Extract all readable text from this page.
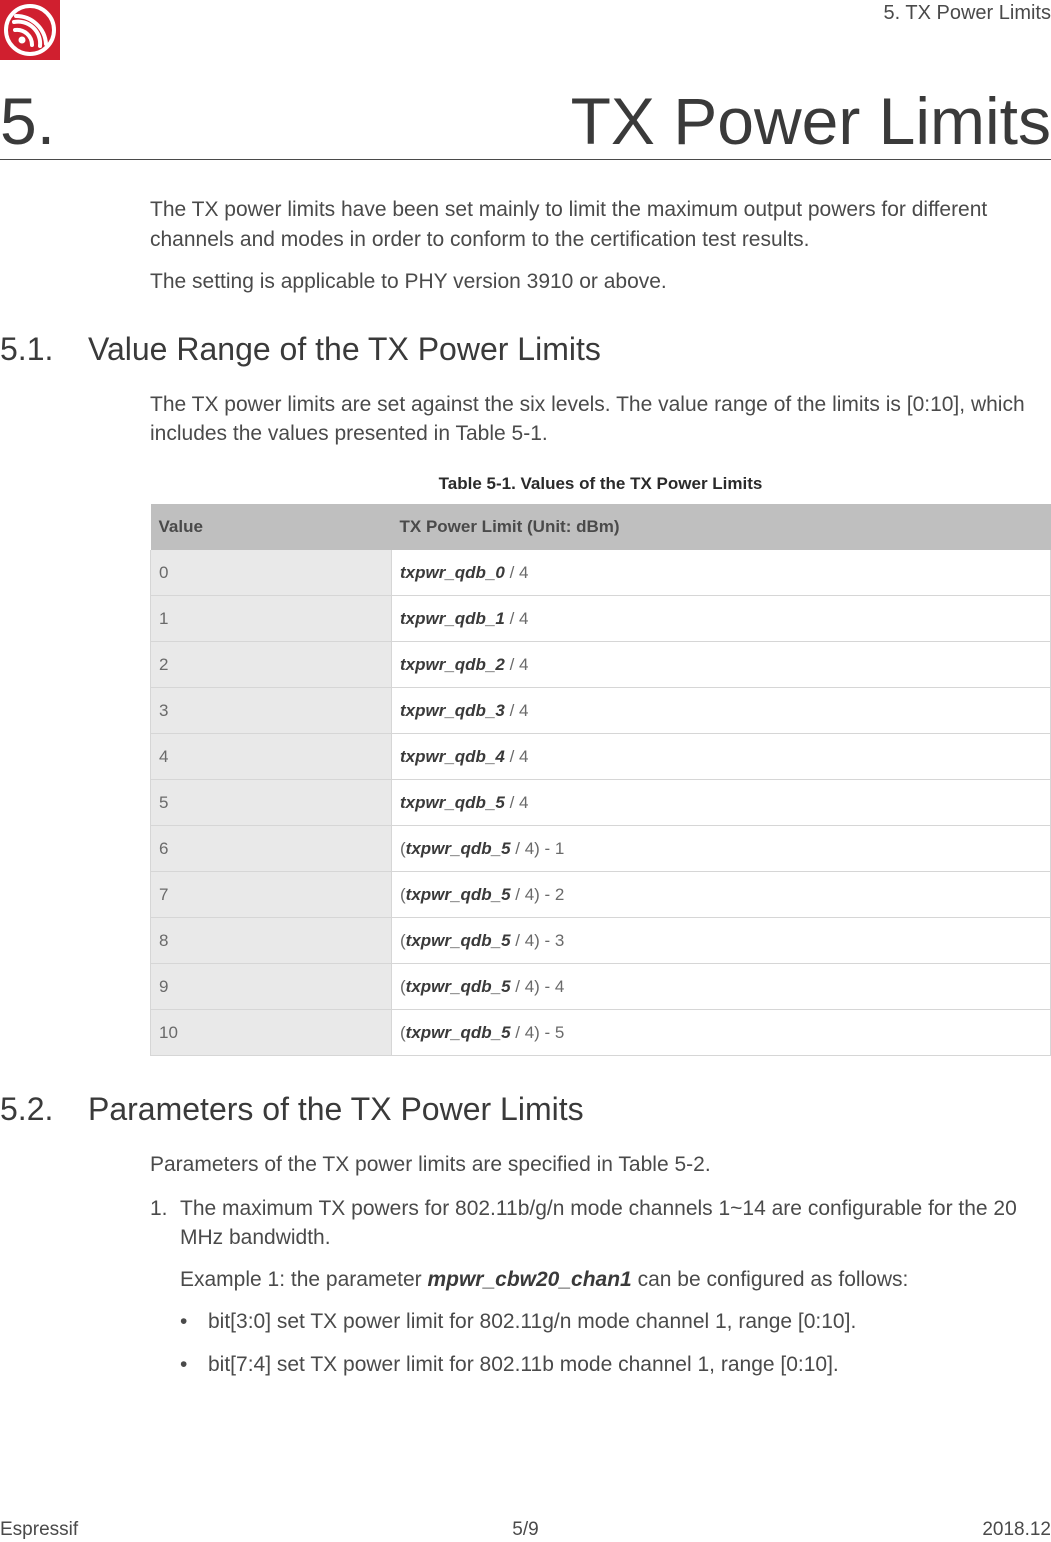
5. TX Power Limits
5.	TX Power Limits

The TX power limits have been set mainly to limit the maximum output powers for different channels and modes in order to conform to the certification test results.

The setting is applicable to PHY version 3910 or above.

5.1. Value Range of the TX Power Limits

The TX power limits are set against the six levels. The value range of the limits is [0:10], which includes the values presented in Table 5-1.

Table 5-1. Values of the TX Power Limits
Value	TX Power Limit (Unit: dBm)
0	txpwr_qdb_0 / 4
1	txpwr_qdb_1 / 4
2	txpwr_qdb_2 / 4
3	txpwr_qdb_3 / 4
4	txpwr_qdb_4 / 4
5	txpwr_qdb_5 / 4
6	(txpwr_qdb_5 / 4) - 1
7	(txpwr_qdb_5 / 4) - 2
8	(txpwr_qdb_5 / 4) - 3
9	(txpwr_qdb_5 / 4) - 4
10	(txpwr_qdb_5 / 4) - 5
5.2. Parameters of the TX Power Limits

Parameters of the TX power limits are specified in Table 5-2.

1. The maximum TX powers for 802.11b/g/n mode channels 1~14 are configurable for the 20 MHz bandwidth.

Example 1: the parameter mpwr_cbw20_chan1 can be configured as follows:

• bit[3:0] set TX power limit for 802.11g/n mode channel 1, range [0:10].
• bit[7:4] set TX power limit for 802.11b mode channel 1, range [0:10].
Espressif	5/9	2018.12
